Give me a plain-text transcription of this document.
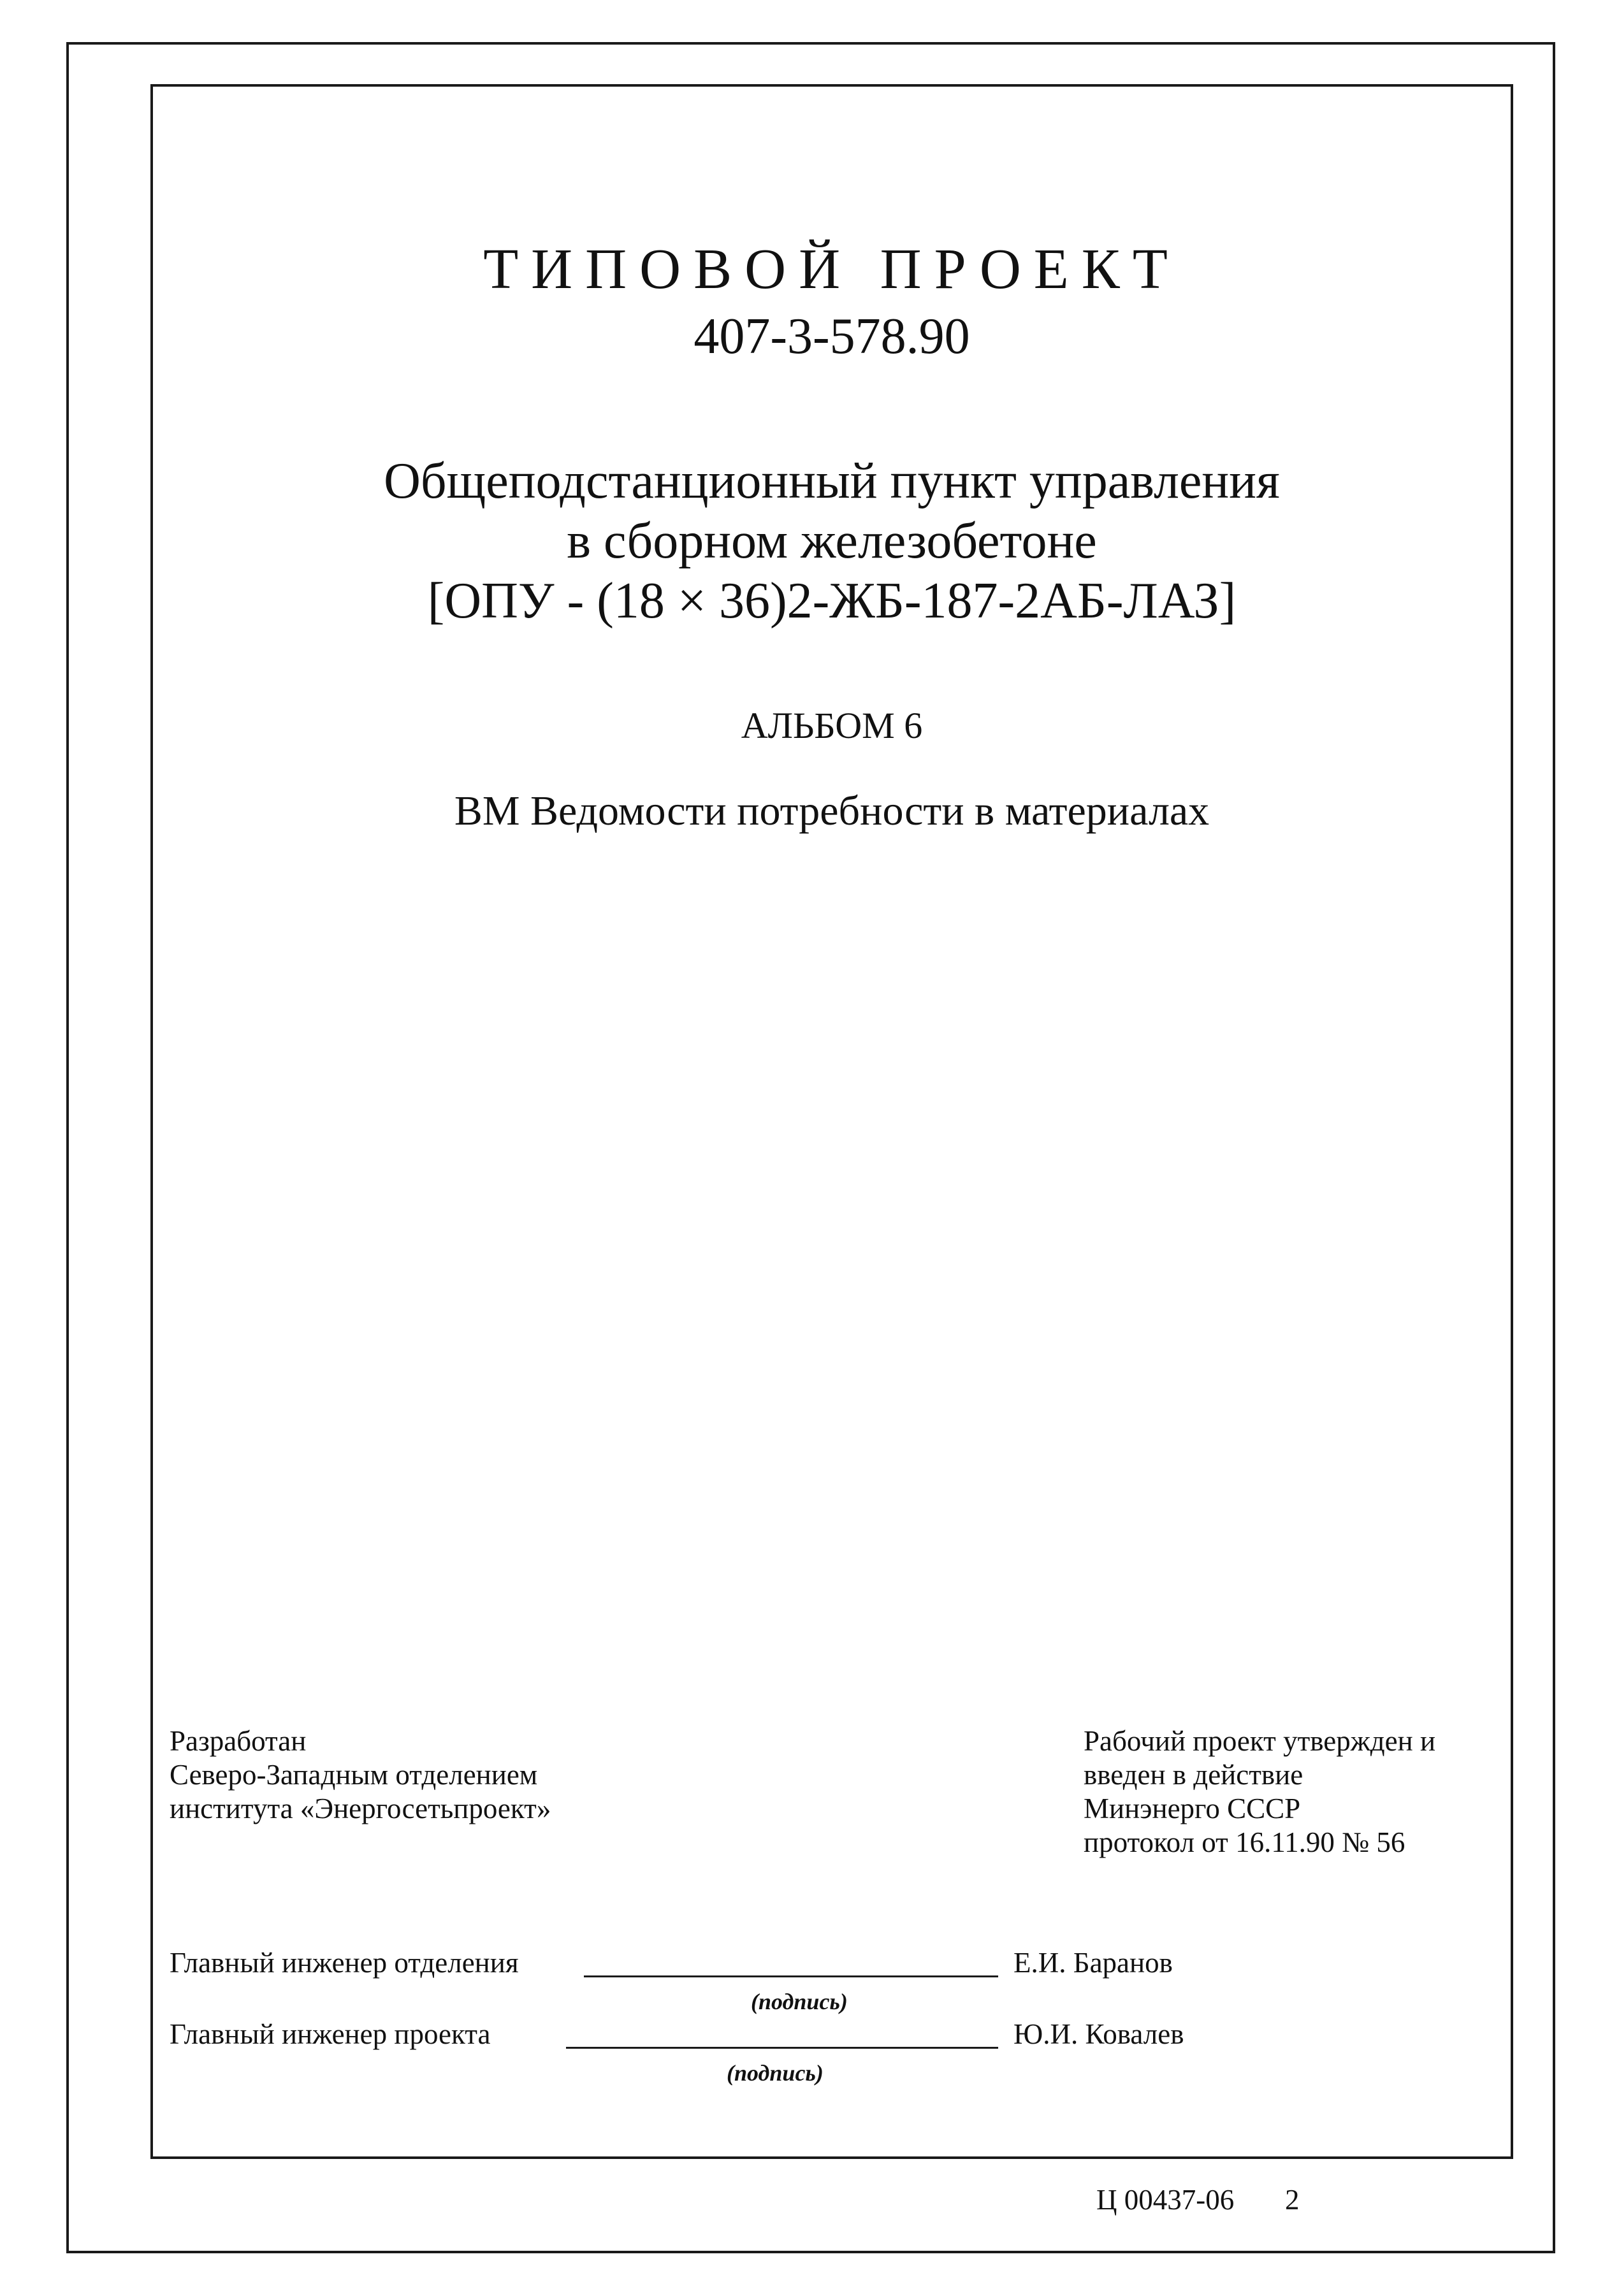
ТИПОВОЙ ПРОЕКТ
407-3-578.90
Общеподстанционный пункт управления
в сборном железобетоне
[ОПУ - (18 × 36)2-ЖБ-187-2АБ-ЛАЗ]
АЛЬБОМ 6
ВМ Ведомости потребности в материалах
Разработан
Северо-Западным отделением
института «Энергосетьпроект»
Рабочий проект утвержден и
введен в действие
Минэнерго СССР
протокол от 16.11.90 № 56
Главный инженер отделения	Е.И. Баранов
(подпись)
Главный инженер проекта	Ю.И. Ковалев
(подпись)
Ц 00437-06 2
